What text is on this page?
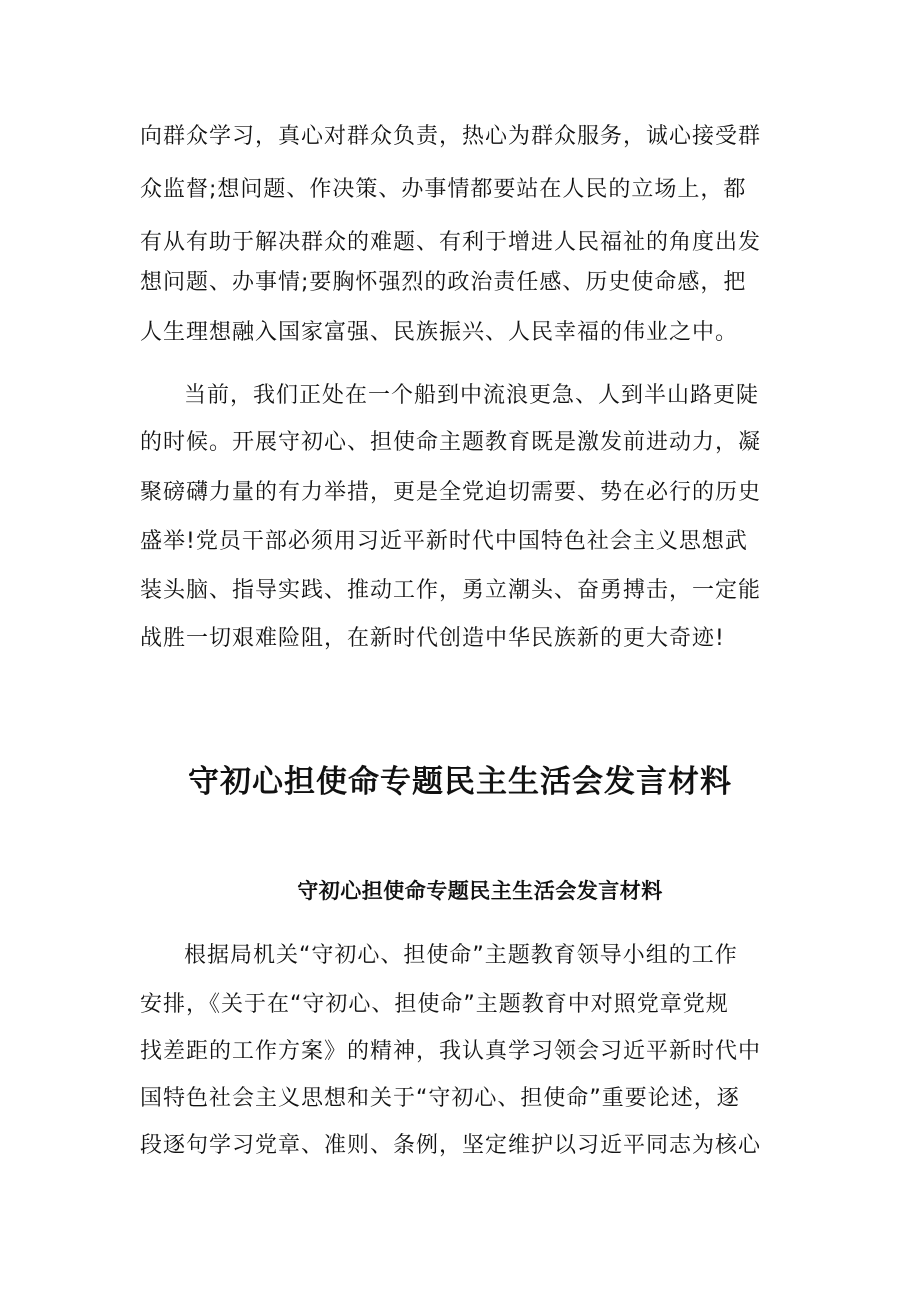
向群众学习，真心对群众负责，热心为群众服务，诚心接受群
众监督;想问题、作决策、办事情都要站在人民的立场上，都
有从有助于解决群众的难题、有利于增进人民福祉的角度出发
想问题、办事情;要胸怀强烈的政治责任感、历史使命感，把
人生理想融入国家富强、民族振兴、人民幸福的伟业之中。
当前，我们正处在一个船到中流浪更急、人到半山路更陡
的时候。开展守初心、担使命主题教育既是激发前进动力，凝
聚磅礴力量的有力举措，更是全党迫切需要、势在必行的历史
盛举!党员干部必须用习近平新时代中国特色社会主义思想武
装头脑、指导实践、推动工作，勇立潮头、奋勇搏击，一定能
战胜一切艰难险阻，在新时代创造中华民族新的更大奇迹!
守初心担使命专题民主生活会发言材料
守初心担使命专题民主生活会发言材料
根据局机关“守初心、担使命”主题教育领导小组的工作
安排，《关于在“守初心、担使命”主题教育中对照党章党规
找差距的工作方案》的精神，我认真学习领会习近平新时代中
国特色社会主义思想和关于“守初心、担使命”重要论述，逐
段逐句学习党章、准则、条例，坚定维护以习近平同志为核心
